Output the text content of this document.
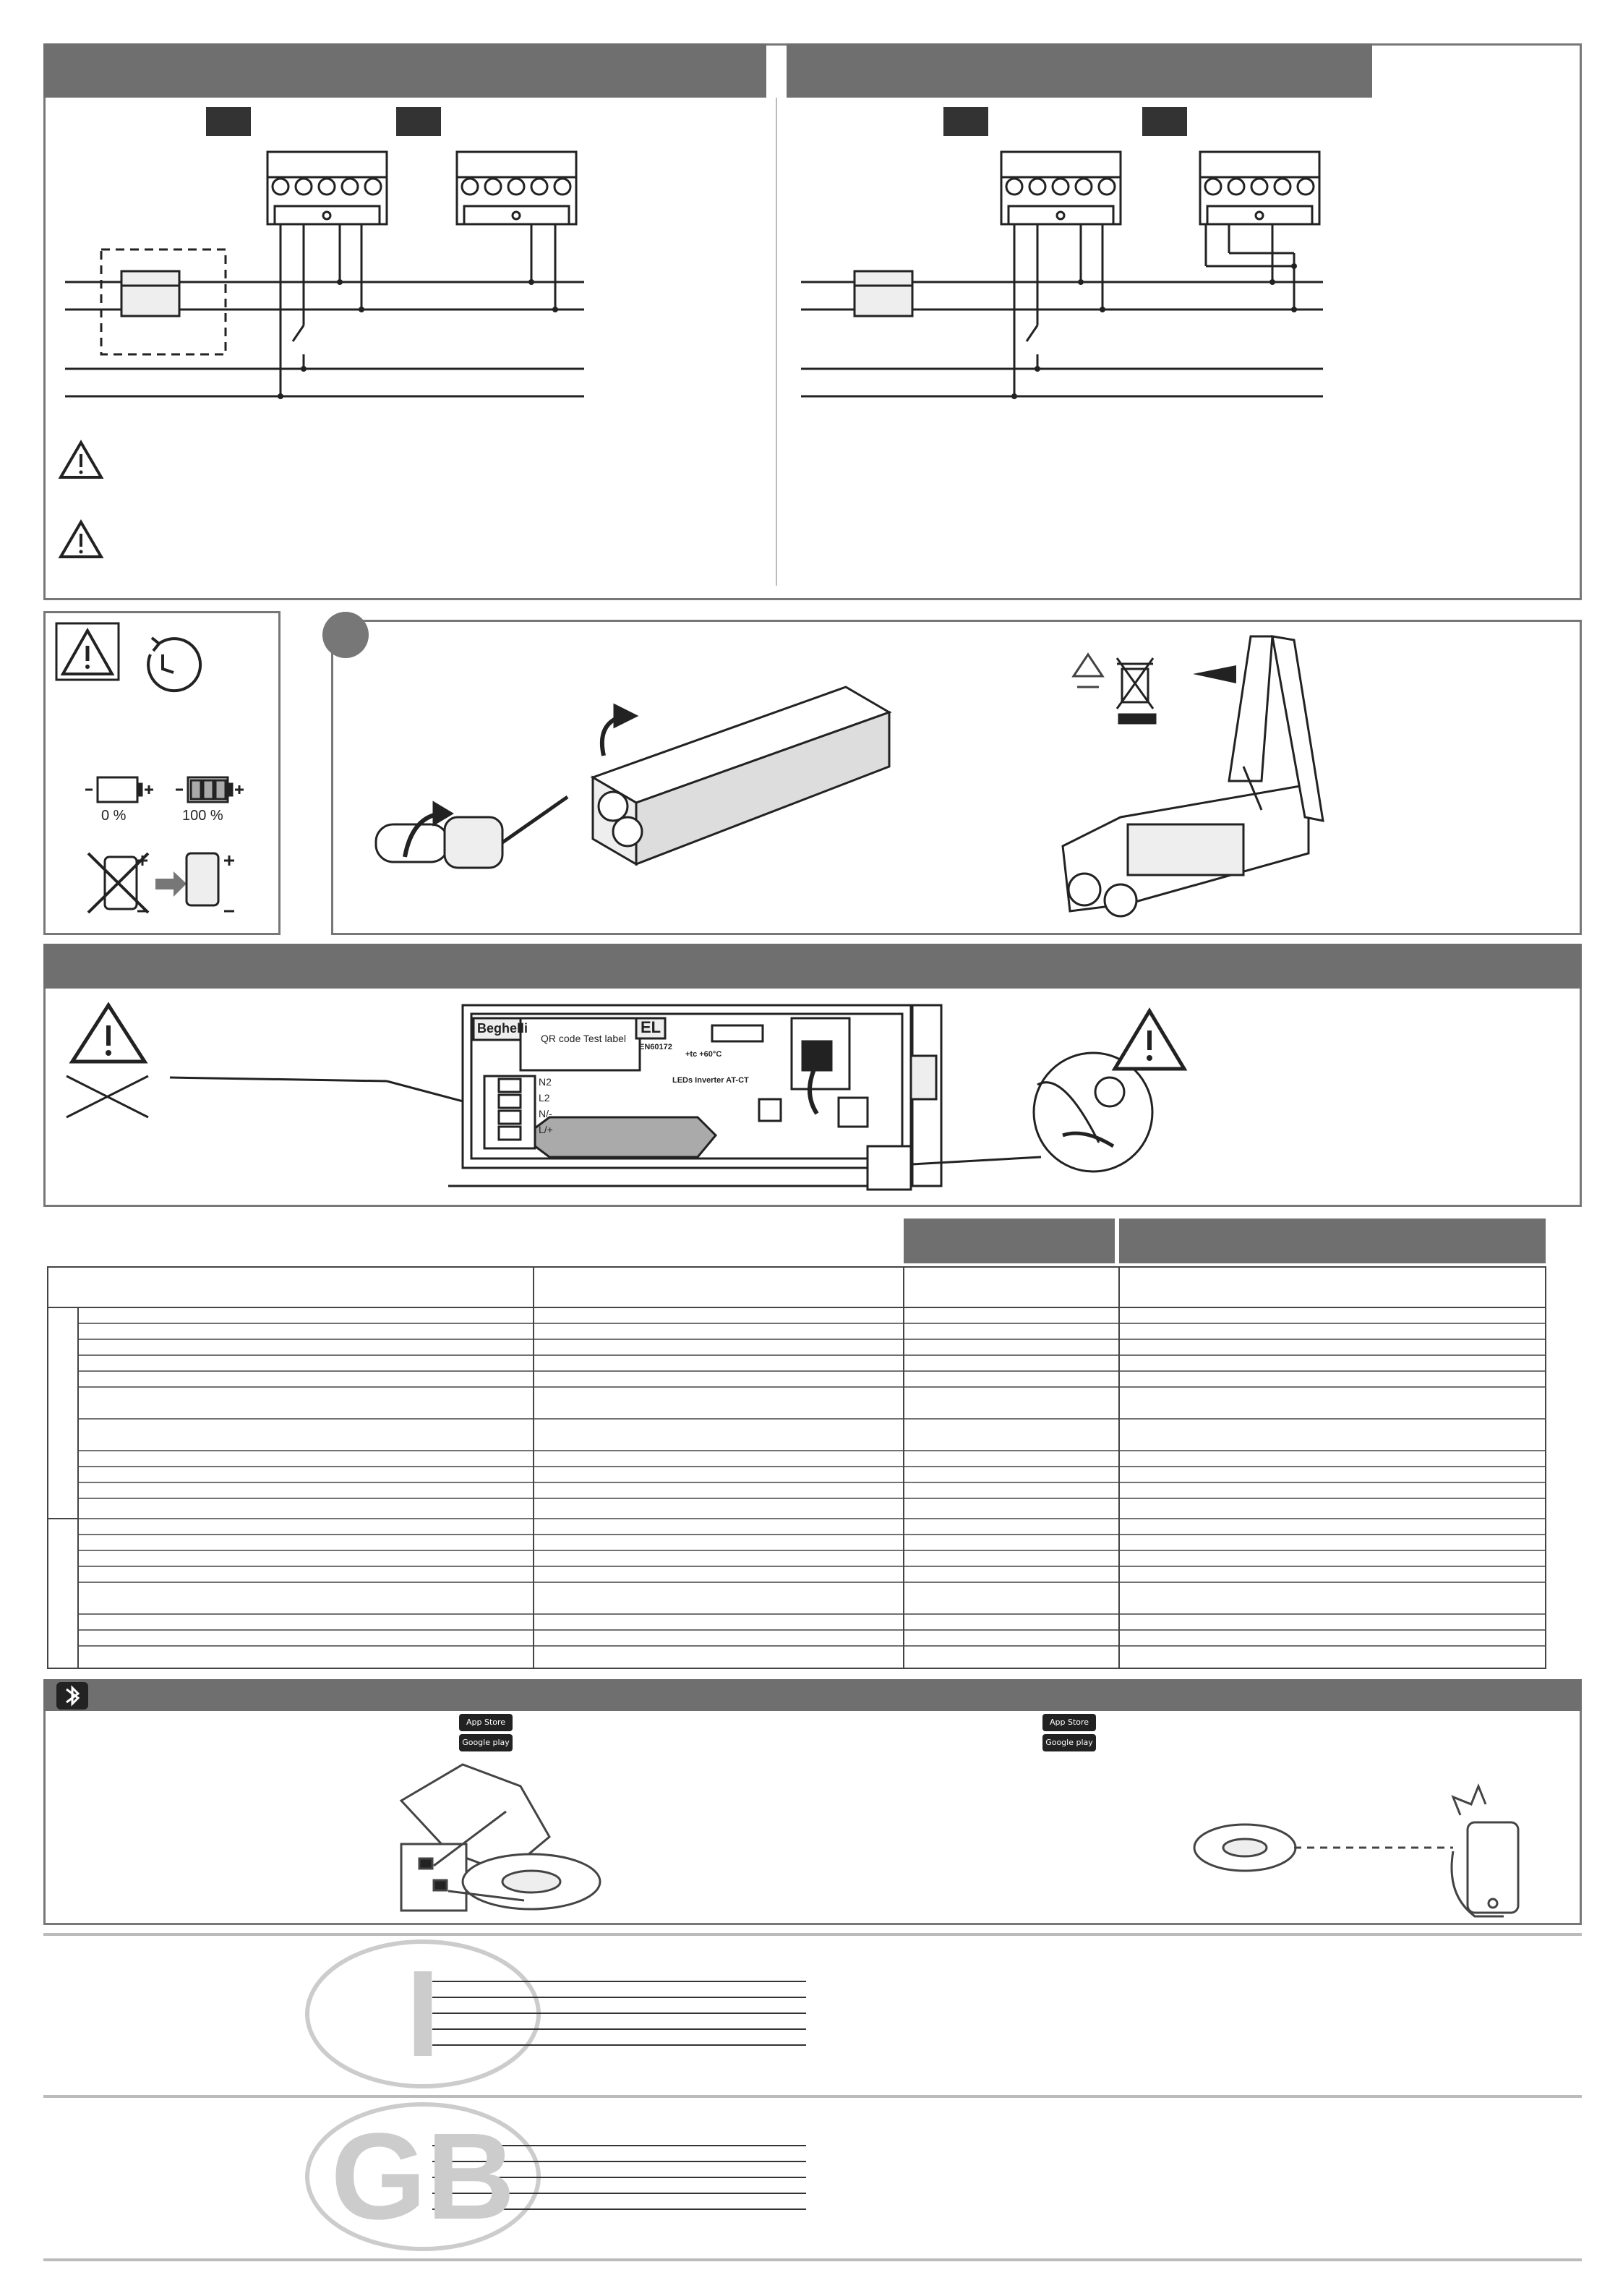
Beghelli
QR code Test label
EL
EN60172
+tc +60°C
LEDs Inverter AT-CT
N2
L2
N/-
L/+
0 %	100 %
App Store
Google play
App Store
Google play
I
GB
